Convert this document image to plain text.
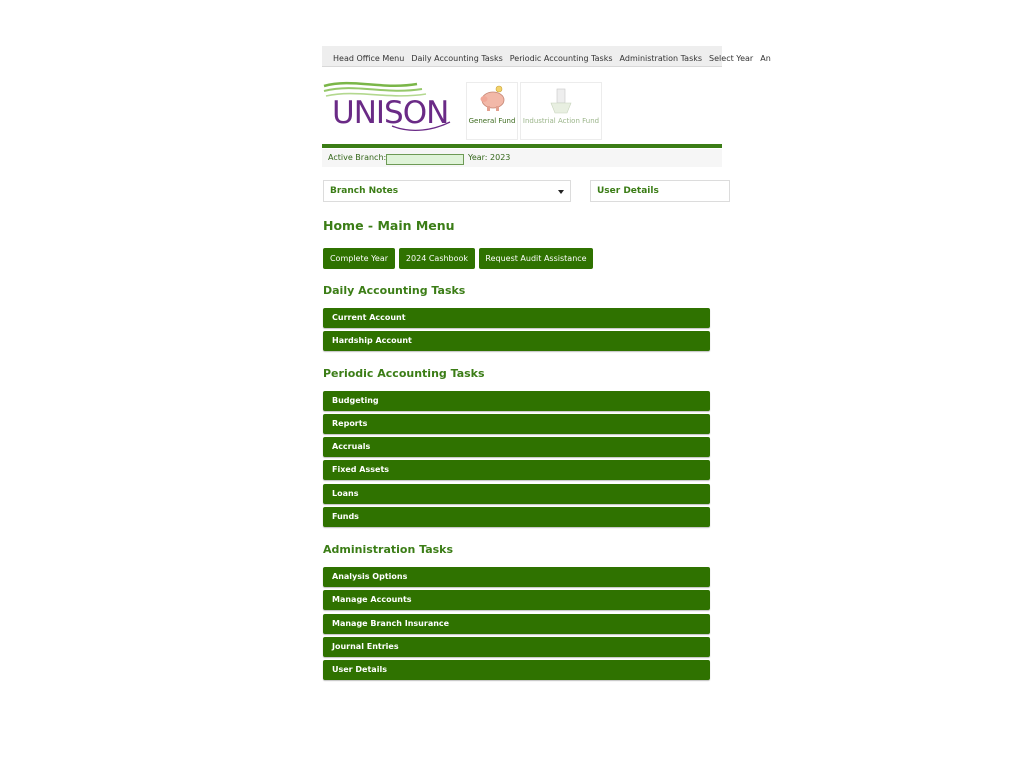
Head Office Menu Daily Accounting Tasks Periodic Accounting Tasks Administration Tasks Select Year An
UNISON	General Fund Industrial Action Fund
Active Branch:	Year: 2023
Branch Notes	User Details
Home - Main Menu
Complete Year	2024 Cashbook	Request Audit Assistance
Daily Accounting Tasks
Current Account
Hardship Account
Periodic Accounting Tasks
Budgeting
Reports
Accruals
Fixed Assets
Loans
Funds
Administration Tasks
Analysis Options
Manage Accounts
Manage Branch Insurance
Journal Entries
User Details
